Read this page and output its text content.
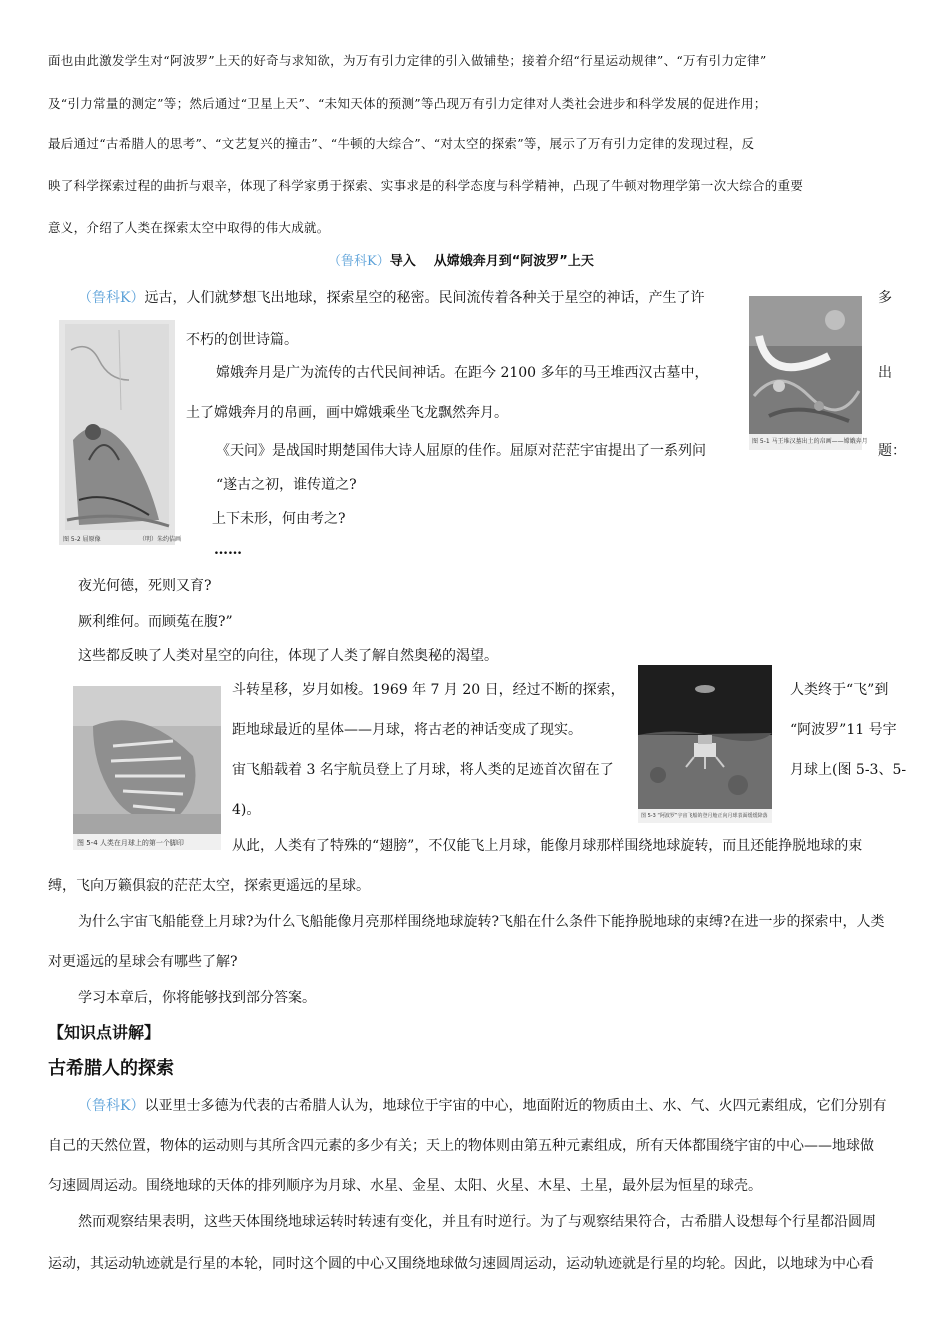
面也由此激发学生对“阿波罗”上天的好奇与求知欲，为万有引力定律的引入做铺垫；接着介绍“行星运动规律”、“万有引力定律”
及“引力常量的测定”等；然后通过“卫星上天”、“未知天体的预测”等凸现万有引力定律对人类社会进步和科学发展的促进作用；
最后通过“古希腊人的思考”、“文艺复兴的撞击”、“牛顿的大综合”、“对太空的探索”等，展示了万有引力定律的发现过程，反
映了科学探索过程的曲折与艰辛，体现了科学家勇于探索、实事求是的科学态度与科学精神，凸现了牛顿对物理学第一次大综合的重要
意义，介绍了人类在探索太空中取得的伟大成就。
（鲁科K）导入 从嫦娥奔月到“阿波罗”上天
（鲁科K）远古，人们就梦想飞出地球，探索星空的秘密。民间流传着各种关于星空的神话，产生了许	多
不朽的创世诗篇。
嫦娥奔月是广为流传的古代民间神话。在距今 2100 多年的马王堆西汉古墓中，	出
土了嫦娥奔月的帛画，画中嫦娥乘坐飞龙飘然奔月。
《天问》是战国时期楚国伟大诗人屈原的佳作。屈原对茫茫宇宙提出了一系列问	题：
“遂古之初，谁传道之?
上下未形，何由考之?
……
夜光何德，死则又育?
厥利维何。而顾菟在腹?”
这些都反映了人类对星空的向往，体现了人类了解自然奥秘的渴望。
斗转星移，岁月如梭。1969 年 7 月 20 日，经过不断的探索，	人类终于“飞”到
距地球最近的星体——月球，将古老的神话变成了现实。	“阿波罗”11 号宇
宙飞船载着 3 名宇航员登上了月球，将人类的足迹首次留在了	月球上(图 5-3、5-
4)。
从此，人类有了特殊的“翅膀”，不仅能飞上月球，能像月球那样围绕地球旋转，而且还能挣脱地球的束
缚，飞向万籁俱寂的茫茫太空，探索更遥远的星球。
为什么宇宙飞船能登上月球?为什么飞船能像月亮那样围绕地球旋转?飞船在什么条件下能挣脱地球的束缚?在进一步的探索中，人类
对更遥远的星球会有哪些了解?
学习本章后，你将能够找到部分答案。
【知识点讲解】
古希腊人的探索
（鲁科K）以亚里士多德为代表的古希腊人认为，地球位于宇宙的中心，地面附近的物质由土、水、气、火四元素组成，它们分别有
自己的天然位置，物体的运动则与其所含四元素的多少有关；天上的物体则由第五种元素组成，所有天体都围绕宇宙的中心——地球做
匀速圆周运动。围绕地球的天体的排列顺序为月球、水星、金星、太阳、火星、木星、土星，最外层为恒星的球壳。
然而观察结果表明，这些天体围绕地球运转时转速有变化，并且有时逆行。为了与观察结果符合，古希腊人设想每个行星都沿圆周
运动，其运动轨迹就是行星的本轮，同时这个圆的中心又围绕地球做匀速圆周运动，运动轨迹就是行星的均轮。因此，以地球为中心看
图 5-2 屈原像	（明）朱约佶画
图 5-1 马王堆汉墓出土的帛画——嫦娥奔月
图 5-4 人类在月球上的第一个脚印
图 5-3 “阿波罗”宇宙飞船的登月舱正向月球表面缓缓降落
